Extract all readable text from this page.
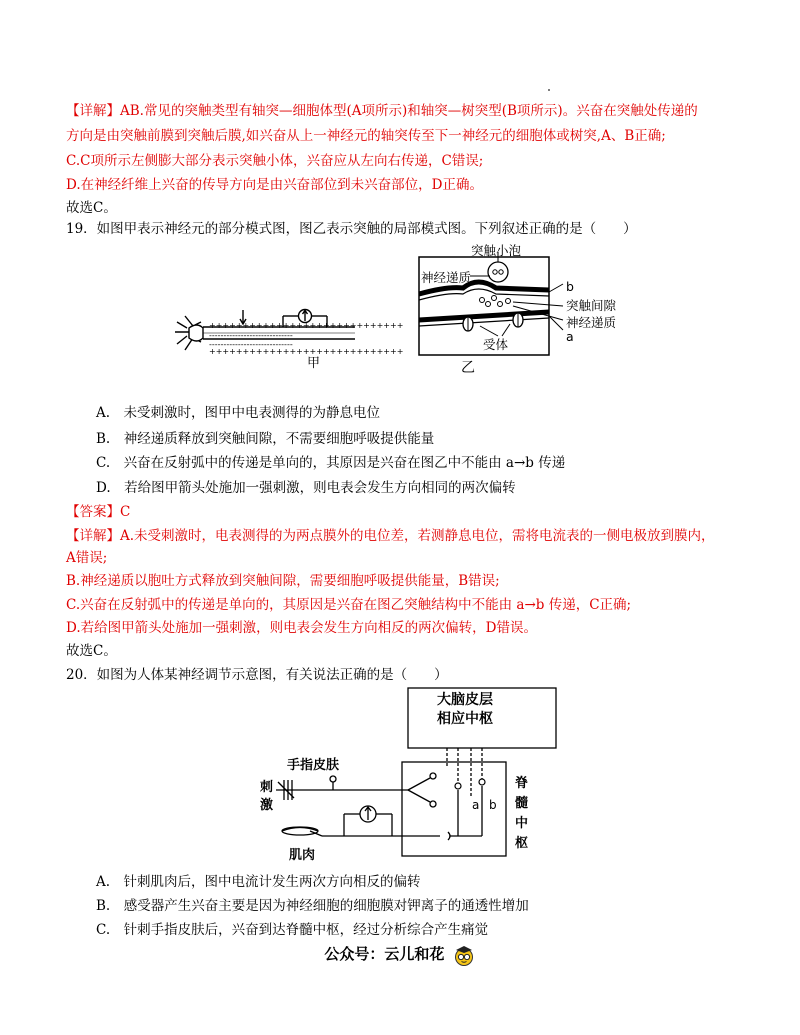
【详解】AB.常见的突触类型有轴突—细胞体型(A项所示)和轴突—树突型(B项所示)。兴奋在突触处传递的
方向是由突触前膜到突触后膜,如兴奋从上一神经元的轴突传至下一神经元的细胞体或树突,A、B正确;
C.C项所示左侧膨大部分表示突触小体，兴奋应从左向右传递，C错误;
D.在神经纤维上兴奋的传导方向是由兴奋部位到未兴奋部位，D正确。
故选C。
19．如图甲表示神经元的部分模式图，图乙表示突触的局部模式图。下列叙述正确的是（　　）
+++++++++++++++++++++++++++++
-----------------------------
-----------------------------
+++++++++++++++++++++++++++++
甲
突触小泡
神经递质
b
突触间隙
神经递质
a
受体
乙
A.　未受刺激时，图甲中电表测得的为静息电位
B.　神经递质释放到突触间隙，不需要细胞呼吸提供能量
C.　兴奋在反射弧中的传递是单向的，其原因是兴奋在图乙中不能由 a→b 传递
D.　若给图甲箭头处施加一强刺激，则电表会发生方向相同的两次偏转
【答案】C
【详解】A.未受刺激时，电表测得的为两点膜外的电位差，若测静息电位，需将电流表的一侧电极放到膜内，
A错误;
B.神经递质以胞吐方式释放到突触间隙，需要细胞呼吸提供能量，B错误;
C.兴奋在反射弧中的传递是单向的，其原因是兴奋在图乙突触结构中不能由 a→b 传递，C正确;
D.若给图甲箭头处施加一强刺激，则电表会发生方向相反的两次偏转，D错误。
故选C。
20．如图为人体某神经调节示意图，有关说法正确的是（　　）
大脑皮层
相应中枢
手指皮肤
刺
激
肌肉
a b
脊
髓
中
枢
A.　针刺肌肉后，图中电流计发生两次方向相反的偏转
B.　感受器产生兴奋主要是因为神经细胞的细胞膜对钾离子的通透性增加
C.　针刺手指皮肤后，兴奋到达脊髓中枢，经过分析综合产生痛觉
公众号：云儿和花
